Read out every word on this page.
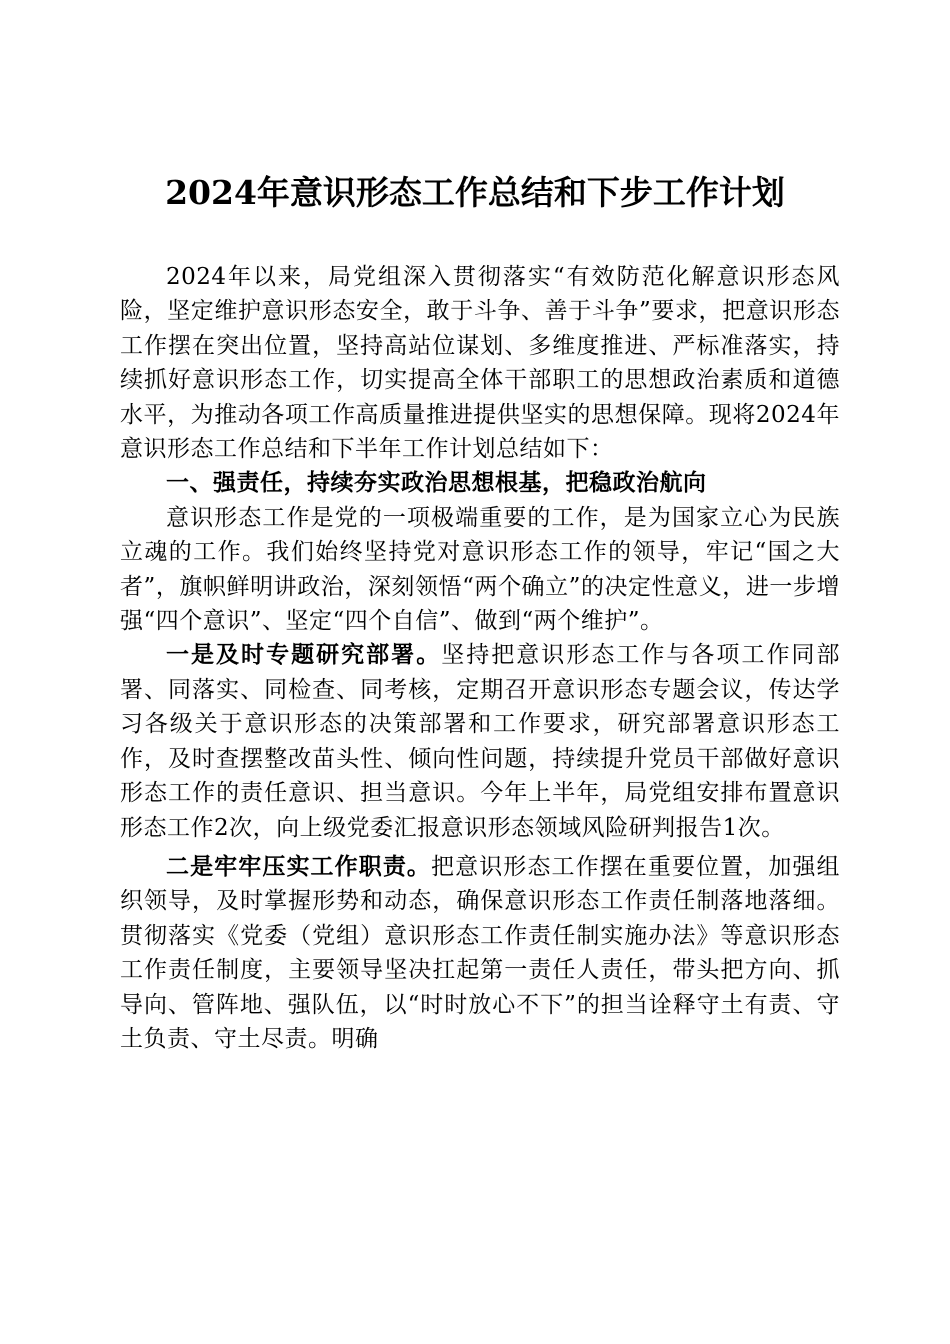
2024年意识形态工作总结和下步工作计划

2024年以来，局党组深入贯彻落实“有效防范化解意识形态风险，坚定维护意识形态安全，敢于斗争、善于斗争”要求，把意识形态工作摆在突出位置，坚持高站位谋划、多维度推进、严标准落实，持续抓好意识形态工作，切实提高全体干部职工的思想政治素质和道德水平，为推动各项工作高质量推进提供坚实的思想保障。现将2024年意识形态工作总结和下半年工作计划总结如下：

一、强责任，持续夯实政治思想根基，把稳政治航向

意识形态工作是党的一项极端重要的工作，是为国家立心为民族立魂的工作。我们始终坚持党对意识形态工作的领导，牢记“国之大者”，旗帜鲜明讲政治，深刻领悟“两个确立”的决定性意义，进一步增强“四个意识”、坚定“四个自信”、做到“两个维护”。

一是及时专题研究部署。坚持把意识形态工作与各项工作同部署、同落实、同检查、同考核，定期召开意识形态专题会议，传达学习各级关于意识形态的决策部署和工作要求，研究部署意识形态工作，及时查摆整改苗头性、倾向性问题，持续提升党员干部做好意识形态工作的责任意识、担当意识。今年上半年，局党组安排布置意识形态工作2次，向上级党委汇报意识形态领域风险研判报告1次。

二是牢牢压实工作职责。把意识形态工作摆在重要位置，加强组织领导，及时掌握形势和动态，确保意识形态工作责任制落地落细。贯彻落实《党委（党组）意识形态工作责任制实施办法》等意识形态工作责任制度，主要领导坚决扛起第一责任人责任，带头把方向、抓导向、管阵地、强队伍，以“时时放心不下”的担当诠释守土有责、守土负责、守土尽责。明确
